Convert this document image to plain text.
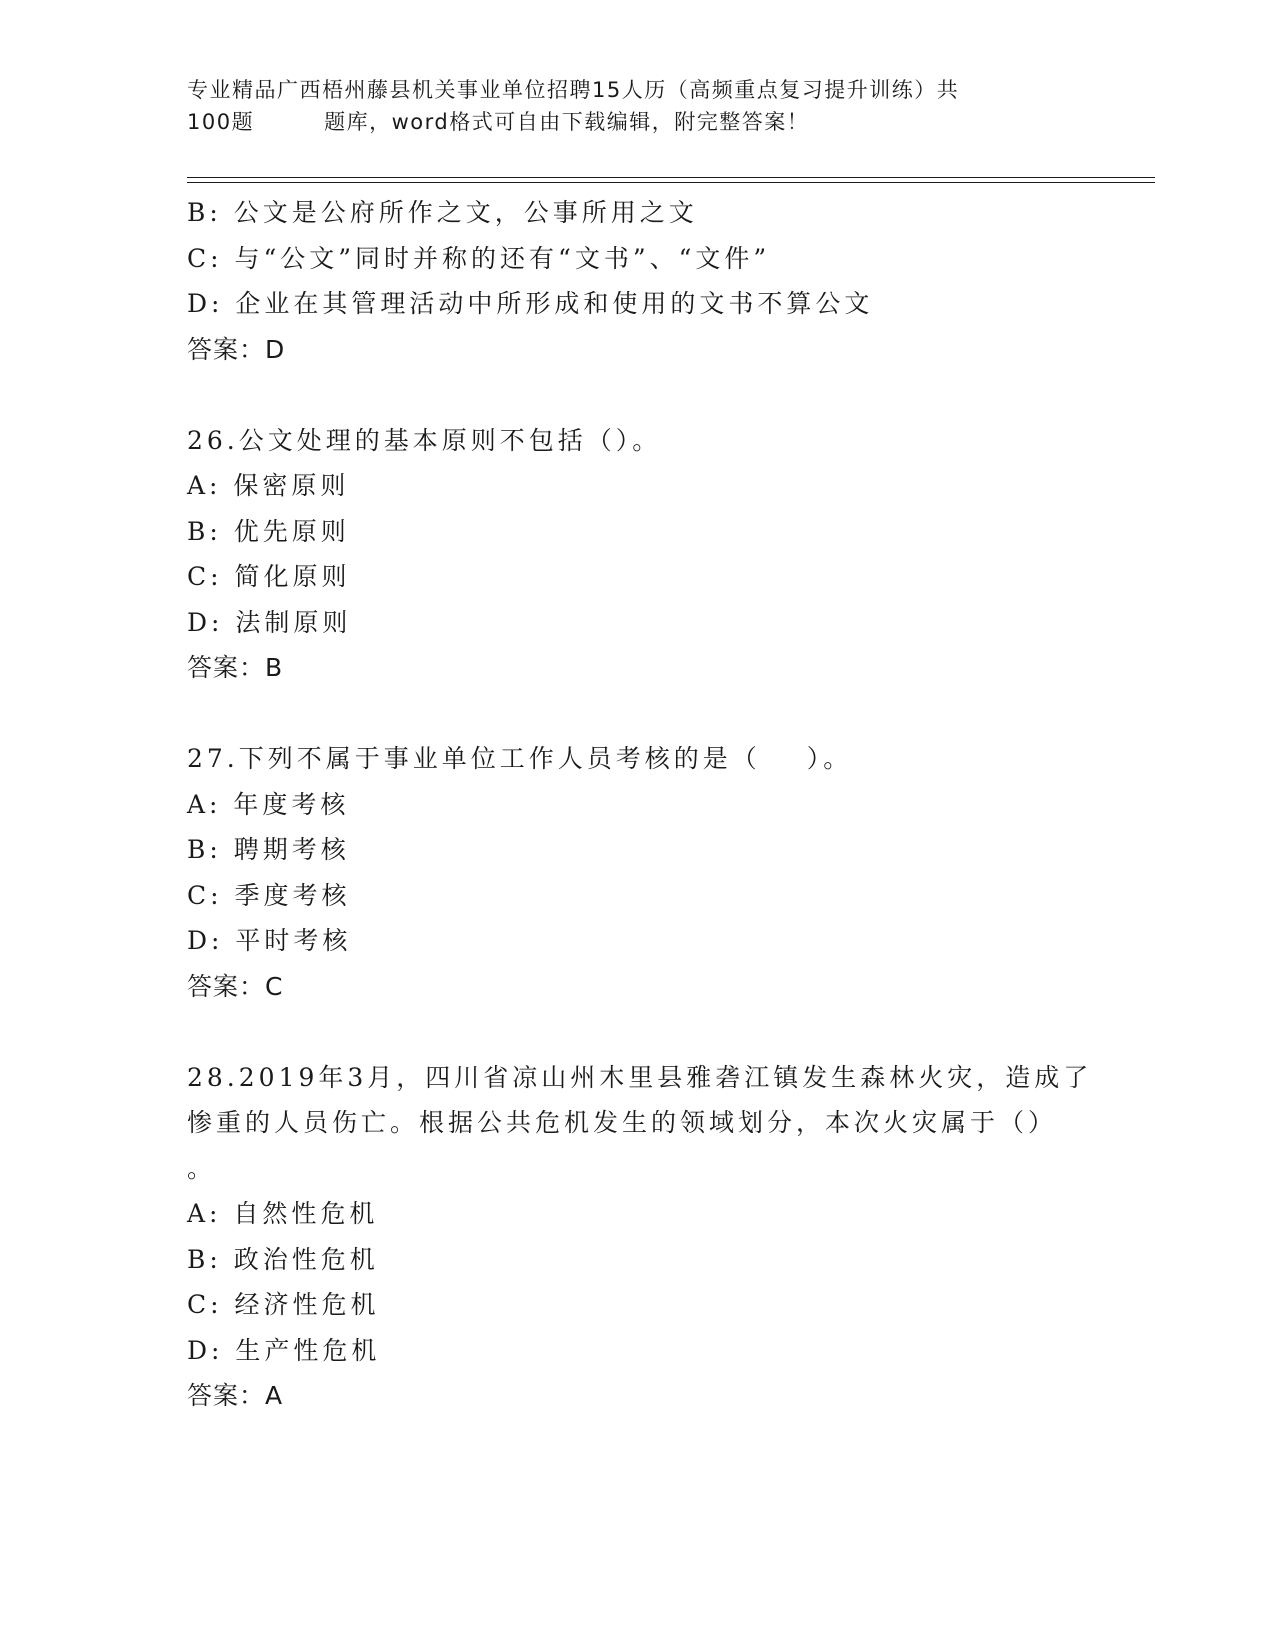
专业精品广西梧州藤县机关事业单位招聘15人历（高频重点复习提升训练）共
100题	题库，word格式可自由下载编辑，附完整答案！
B: 公文是公府所作之文，公事所用之文
C: 与“公文”同时并称的还有“文书”、“文件”
D: 企业在其管理活动中所形成和使用的文书不算公文
答案：D
26.公文处理的基本原则不包括（）。
A: 保密原则
B: 优先原则
C: 简化原则
D: 法制原则
答案：B
27.下列不属于事业单位工作人员考核的是（ ）。
A: 年度考核
B: 聘期考核
C: 季度考核
D: 平时考核
答案：C
28.2019年3月，四川省凉山州木里县雅砻江镇发生森林火灾，造成了
惨重的人员伤亡。根据公共危机发生的领域划分，本次火灾属于（）
。
A: 自然性危机
B: 政治性危机
C: 经济性危机
D: 生产性危机
答案：A
